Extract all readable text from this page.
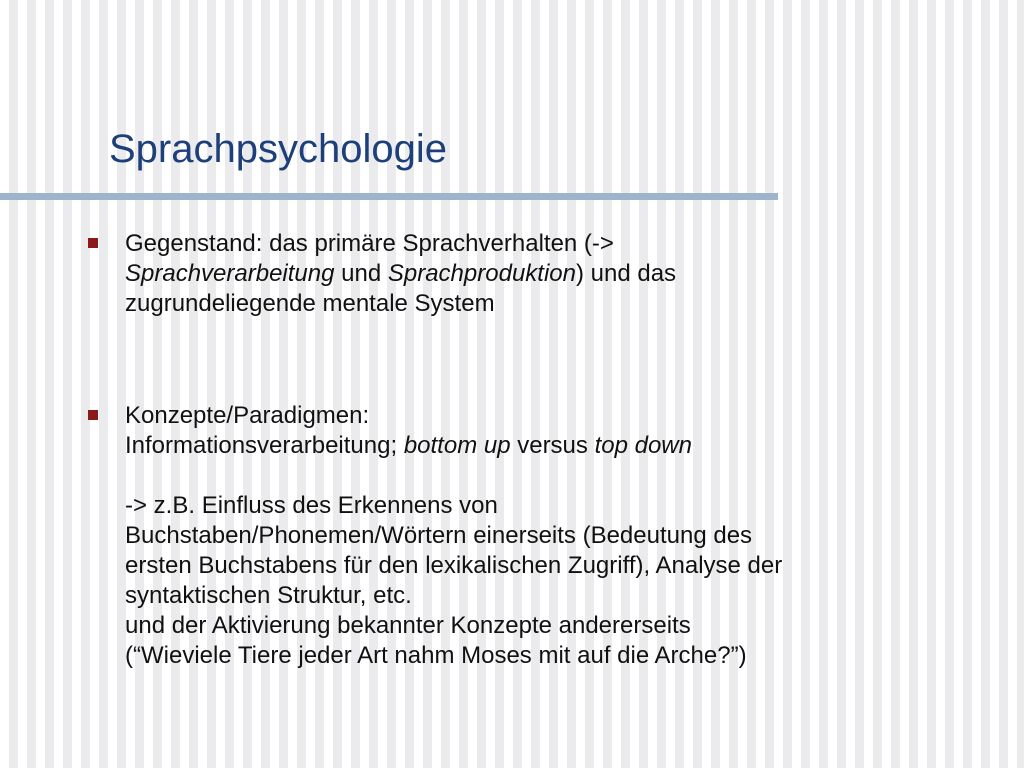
Sprachpsychologie
Gegenstand: das primäre Sprachverhalten (->
Sprachverarbeitung und Sprachproduktion) und das
zugrundeliegende mentale System
Konzepte/Paradigmen:
Informationsverarbeitung; bottom up versus top down
-> z.B. Einfluss des Erkennens von
Buchstaben/Phonemen/Wörtern einerseits (Bedeutung des
ersten Buchstabens für den lexikalischen Zugriff), Analyse der
syntaktischen Struktur, etc.
und der Aktivierung bekannter Konzepte andererseits
(“Wieviele Tiere jeder Art nahm Moses mit auf die Arche?”)
